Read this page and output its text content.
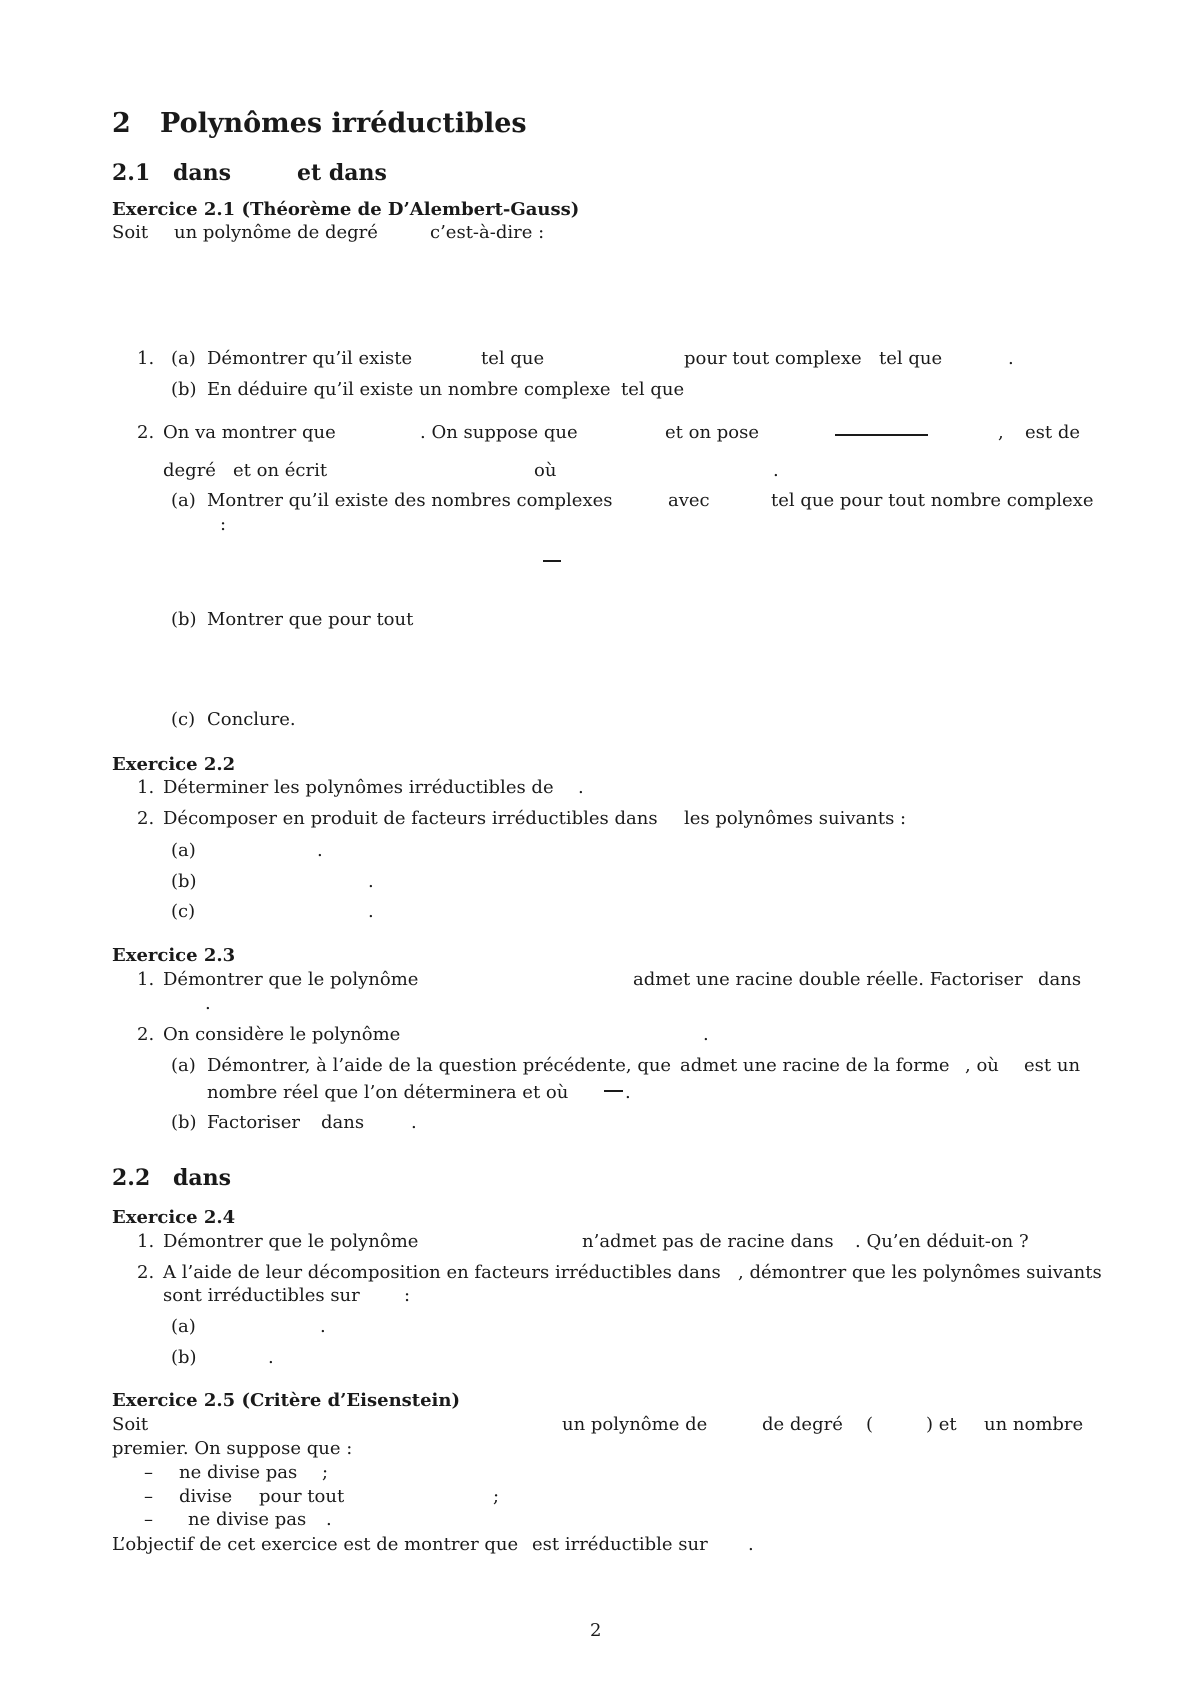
2 Polynômes irréductibles
2.1 dans	et dans
Exercice 2.1 (Théorème de D’Alembert-Gauss)
Soit un polynôme de degré	c’est-à-dire :
1. (a) Démontrer qu’il existe	tel que	pour tout complexe tel que	.
(b) En déduire qu’il existe un nombre complexe tel que
2. On va montrer que	. On suppose que	et on pose	, est de
degré et on écrit	où	.
(a) Montrer qu’il existe des nombres complexes	avec	tel que pour tout nombre complexe
:
(b) Montrer que pour tout
(c) Conclure.
Exercice 2.2
1. Déterminer les polynômes irréductibles de .
2. Décomposer en produit de facteurs irréductibles dans les polynômes suivants :
(a)	.
(b)	.
(c)	.
Exercice 2.3
1. Démontrer que le polynôme	admet une racine double réelle. Factoriser dans
.
2. On considère le polynôme	.
(a) Démontrer, à l’aide de la question précédente, que admet une racine de la forme , où est un
nombre réel que l’on déterminera et où	.
(b) Factoriser dans	.
2.2 dans
Exercice 2.4
1. Démontrer que le polynôme	n’admet pas de racine dans . Qu’en déduit-on ?
2. A l’aide de leur décomposition en facteurs irréductibles dans , démontrer que les polynômes suivants
sont irréductibles sur :
(a)	.
(b)	.
Exercice 2.5 (Critère d’Eisenstein)
Soit	un polynôme de	de degré (	) et un nombre
premier. On suppose que :
– ne divise pas ;
– divise pour tout	;
– ne divise pas .
L’objectif de cet exercice est de montrer que est irréductible sur .
2
